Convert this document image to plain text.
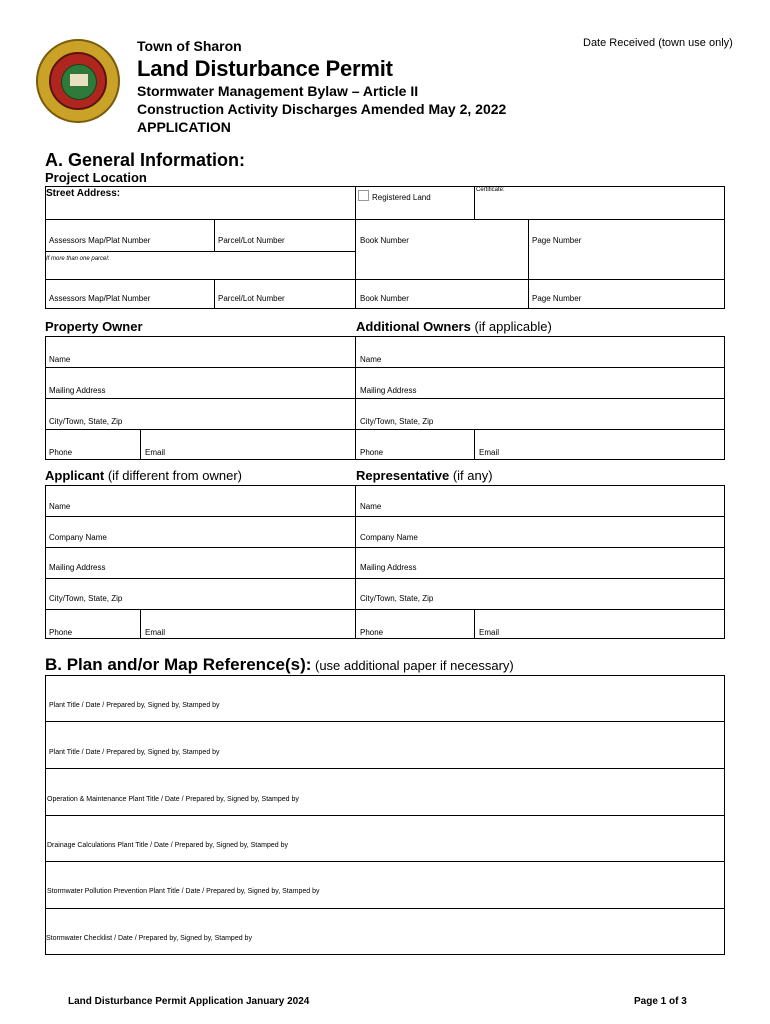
Town of Sharon	Date Received (town use only)
Land Disturbance Permit
Stormwater Management Bylaw – Article II
Construction Activity Discharges Amended May 2, 2022
APPLICATION
A. General Information:
Project Location
Street Address:	Registered Land
Certificate:
Assessors Map/Plat Number	Parcel/Lot Number	Book Number	Page Number
If more than one parcel:
Assessors Map/Plat Number	Parcel/Lot Number	Book Number	Page Number
Property Owner	Additional Owners (if applicable)
Name	Name
Mailing Address	Mailing Address
City/Town, State, Zip	City/Town, State, Zip
Phone	Email	Phone	Email
Applicant (if different from owner)	Representative (if any)
Name	Name
Company Name	Company Name
Mailing Address	Mailing Address
City/Town, State, Zip	City/Town, State, Zip
Phone	Email	Phone	Email
B. Plan and/or Map Reference(s): (use additional paper if necessary)
Plant Title / Date / Prepared by, Signed by, Stamped by
Plant Title / Date / Prepared by, Signed by, Stamped by
Operation & Maintenance Plant Title / Date / Prepared by, Signed by, Stamped by
Drainage Calculations Plant Title / Date / Prepared by, Signed by, Stamped by
Stormwater Pollution Prevention Plant Title / Date / Prepared by, Signed by, Stamped by
Stormwater Checklist / Date / Prepared by, Signed by, Stamped by
Land Disturbance Permit Application January 2024	Page 1 of 3
